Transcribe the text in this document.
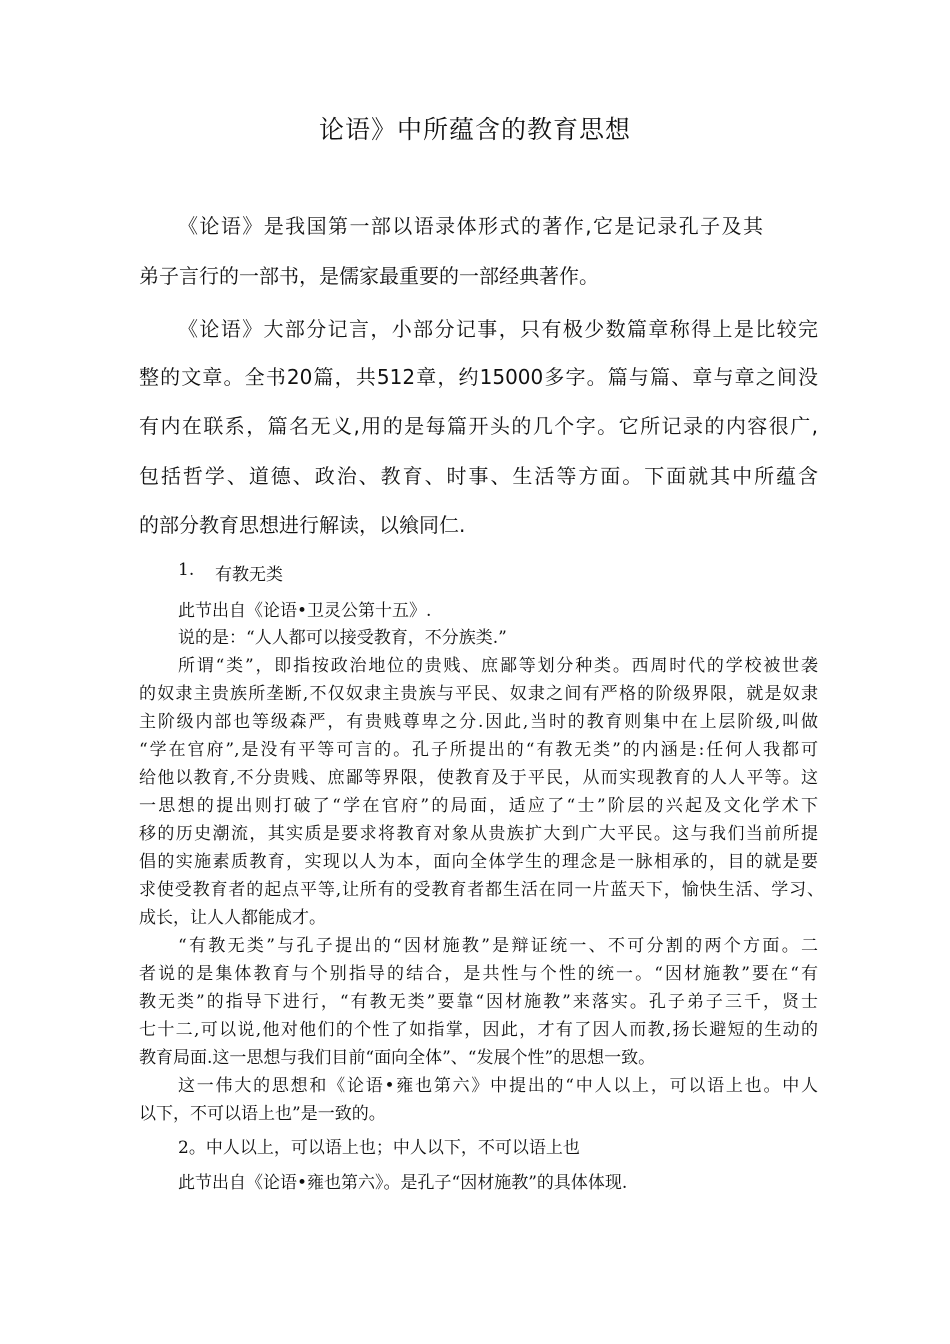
论语》中所蕴含的教育思想
《论语》是我国第一部以语录体形式的著作,它是记录孔子及其
弟子言行的一部书，是儒家最重要的一部经典著作。
《论语》大部分记言，小部分记事，只有极少数篇章称得上是比较完
整的文章。全书20篇，共512章，约15000多字。篇与篇、章与章之间没
有内在联系，篇名无义,用的是每篇开头的几个字。它所记录的内容很广,
包括哲学、道德、政治、教育、时事、生活等方面。下面就其中所蕴含
的部分教育思想进行解读，以飨同仁.
1. 有教无类
此节出自《论语•卫灵公第十五》.
说的是：“人人都可以接受教育，不分族类.”
所谓“类”，即指按政治地位的贵贱、庶鄙等划分种类。西周时代的学校被世袭
的奴隶主贵族所垄断,不仅奴隶主贵族与平民、奴隶之间有严格的阶级界限，就是奴隶
主阶级内部也等级森严，有贵贱尊卑之分.因此,当时的教育则集中在上层阶级,叫做
“学在官府”,是没有平等可言的。孔子所提出的“有教无类”的内涵是:任何人我都可
给他以教育,不分贵贱、庶鄙等界限，使教育及于平民，从而实现教育的人人平等。这
一思想的提出则打破了“学在官府”的局面，适应了“士”阶层的兴起及文化学术下
移的历史潮流，其实质是要求将教育对象从贵族扩大到广大平民。这与我们当前所提
倡的实施素质教育，实现以人为本，面向全体学生的理念是一脉相承的，目的就是要
求使受教育者的起点平等,让所有的受教育者都生活在同一片蓝天下，愉快生活、学习、
成长，让人人都能成才。
“有教无类”与孔子提出的“因材施教”是辩证统一、不可分割的两个方面。二
者说的是集体教育与个别指导的结合，是共性与个性的统一。“因材施教”要在“有
教无类”的指导下进行，“有教无类”要靠“因材施教”来落实。孔子弟子三千，贤士
七十二,可以说,他对他们的个性了如指掌，因此，才有了因人而教,扬长避短的生动的
教育局面.这一思想与我们目前“面向全体”、“发展个性”的思想一致。
这一伟大的思想和《论语•雍也第六》中提出的“中人以上，可以语上也。中人
以下，不可以语上也”是一致的。
2。中人以上，可以语上也；中人以下，不可以语上也
此节出自《论语•雍也第六》。是孔子“因材施教”的具体体现.
